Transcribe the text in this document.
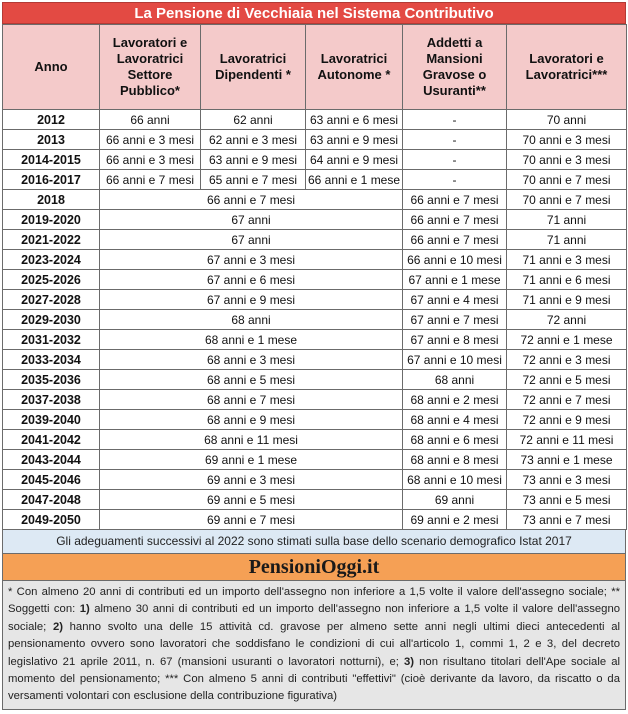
La Pensione di Vecchiaia nel Sistema Contributivo
Anno	Lavoratori e Lavoratrici Settore Pubblico*	Lavoratrici Dipendenti *	Lavoratrici Autonome *	Addetti a Mansioni Gravose o Usuranti**	Lavoratori e Lavoratrici***
2012	66 anni	62 anni	63 anni e 6 mesi	-	70 anni
2013	66 anni e 3 mesi	62 anni e 3 mesi	63 anni e 9 mesi	-	70 anni e 3 mesi
2014-2015	66 anni e 3 mesi	63 anni e 9 mesi	64 anni e 9 mesi	-	70 anni e 3 mesi
2016-2017	66 anni e 7 mesi	65 anni e 7 mesi	66 anni e 1 mese	-	70 anni e 7 mesi
2018	66 anni e 7 mesi			66 anni e 7 mesi	70 anni e 7 mesi
2019-2020	67 anni			66 anni e 7 mesi	71 anni
2021-2022	67 anni			66 anni e 7 mesi	71 anni
2023-2024	67 anni e 3 mesi			66 anni e 10 mesi	71 anni e 3 mesi
2025-2026	67 anni e 6 mesi			67 anni e 1 mese	71 anni e 6 mesi
2027-2028	67 anni e 9 mesi			67 anni e 4 mesi	71 anni e 9 mesi
2029-2030	68 anni			67 anni e 7 mesi	72 anni
2031-2032	68 anni e 1 mese			67 anni e 8 mesi	72 anni e 1 mese
2033-2034	68 anni e 3 mesi			67 anni e 10 mesi	72 anni e 3 mesi
2035-2036	68 anni e 5 mesi			68 anni	72 anni e 5 mesi
2037-2038	68 anni e 7 mesi			68 anni e 2 mesi	72 anni e 7 mesi
2039-2040	68 anni e 9 mesi			68 anni e 4 mesi	72 anni e 9 mesi
2041-2042	68 anni e 11 mesi			68 anni e 6 mesi	72 anni e 11 mesi
2043-2044	69 anni e 1 mese			68 anni e 8 mesi	73 anni e 1 mese
2045-2046	69 anni e 3 mesi			68 anni e 10 mesi	73 anni e 3 mesi
2047-2048	69 anni e 5 mesi			69 anni	73 anni e 5 mesi
2049-2050	69 anni e 7 mesi			69 anni e 2 mesi	73 anni e 7 mesi
Gli adeguamenti successivi al 2022 sono stimati sulla base dello scenario demografico Istat 2017
PensioniOggi.it

* Con almeno 20 anni di contributi ed un importo dell'assegno non inferiore a 1,5 volte il valore dell'assegno sociale; ** Soggetti con: 1) almeno 30 anni di contributi ed un importo dell'assegno non inferiore a 1,5 volte il valore dell'assegno sociale; 2) hanno svolto una delle 15 attività cd. gravose per almeno sette anni negli ultimi dieci antecedenti al pensionamento ovvero sono lavoratori che soddisfano le condizioni di cui all'articolo 1, commi 1, 2 e 3, del decreto legislativo 21 aprile 2011, n. 67 (mansioni usuranti o lavoratori notturni), e; 3) non risultano titolari dell'Ape sociale al momento del pensionamento; *** Con almeno 5 anni di contributi "effettivi" (cioè derivante da lavoro, da riscatto o da versamenti volontari con esclusione della contribuzione figurativa)
